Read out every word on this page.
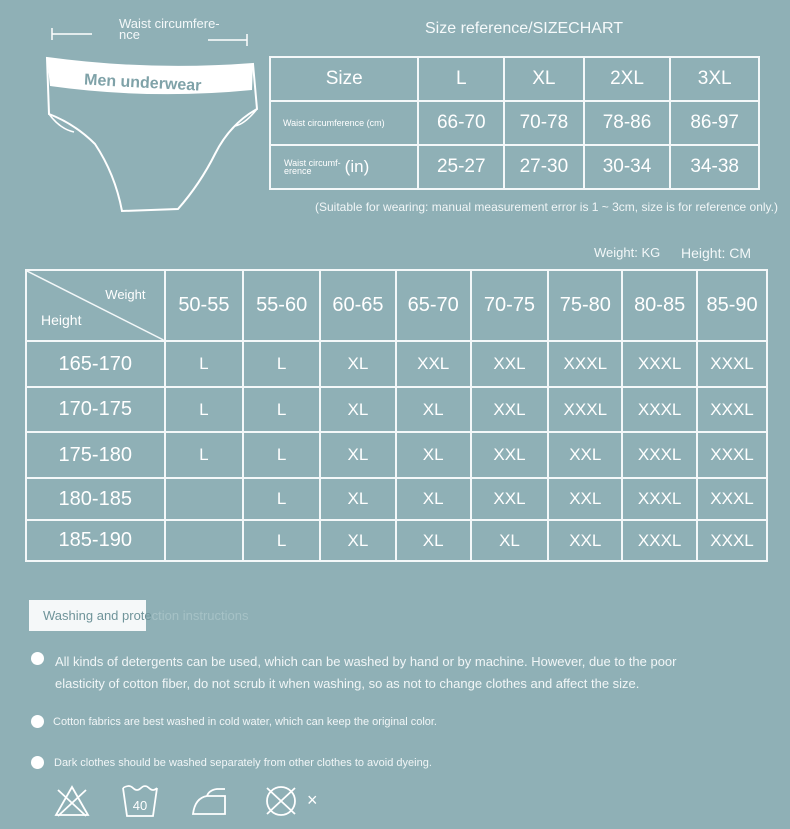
Men underwear
Waist circumfere-nce	Size reference/SIZECHART
Size	L	XL	2XL	3XL
Waist circumference (cm)	66-70	70-78	78-86	86-97
Waist circumf-
erence (in)	25-27	27-30	30-34	34-38
(Suitable for wearing: manual measurement error is 1 ~ 3cm, size is for reference only.)
Weight: KG Height: CM
Weight
Height	50-55	55-60	60-65	65-70	70-75	75-80	80-85	85-90
165-170	L	L	XL	XXL	XXL	XXXL	XXXL	XXXL
170-175	L	L	XL	XL	XXL	XXXL	XXXL	XXXL
175-180	L	L	XL	XL	XXL	XXL	XXXL	XXXL
180-185		L	XL	XL	XXL	XXL	XXXL	XXXL
185-190		L	XL	XL	XL	XXL	XXXL	XXXL
Washing and protection instructions
All kinds of detergents can be used, which can be washed by hand or by machine. However, due to the poor elasticity of cotton fiber, do not scrub it when washing, so as not to change clothes and affect the size.
Cotton fabrics are best washed in cold water, which can keep the original color.
Dark clothes should be washed separately from other clothes to avoid dyeing.
40	×
